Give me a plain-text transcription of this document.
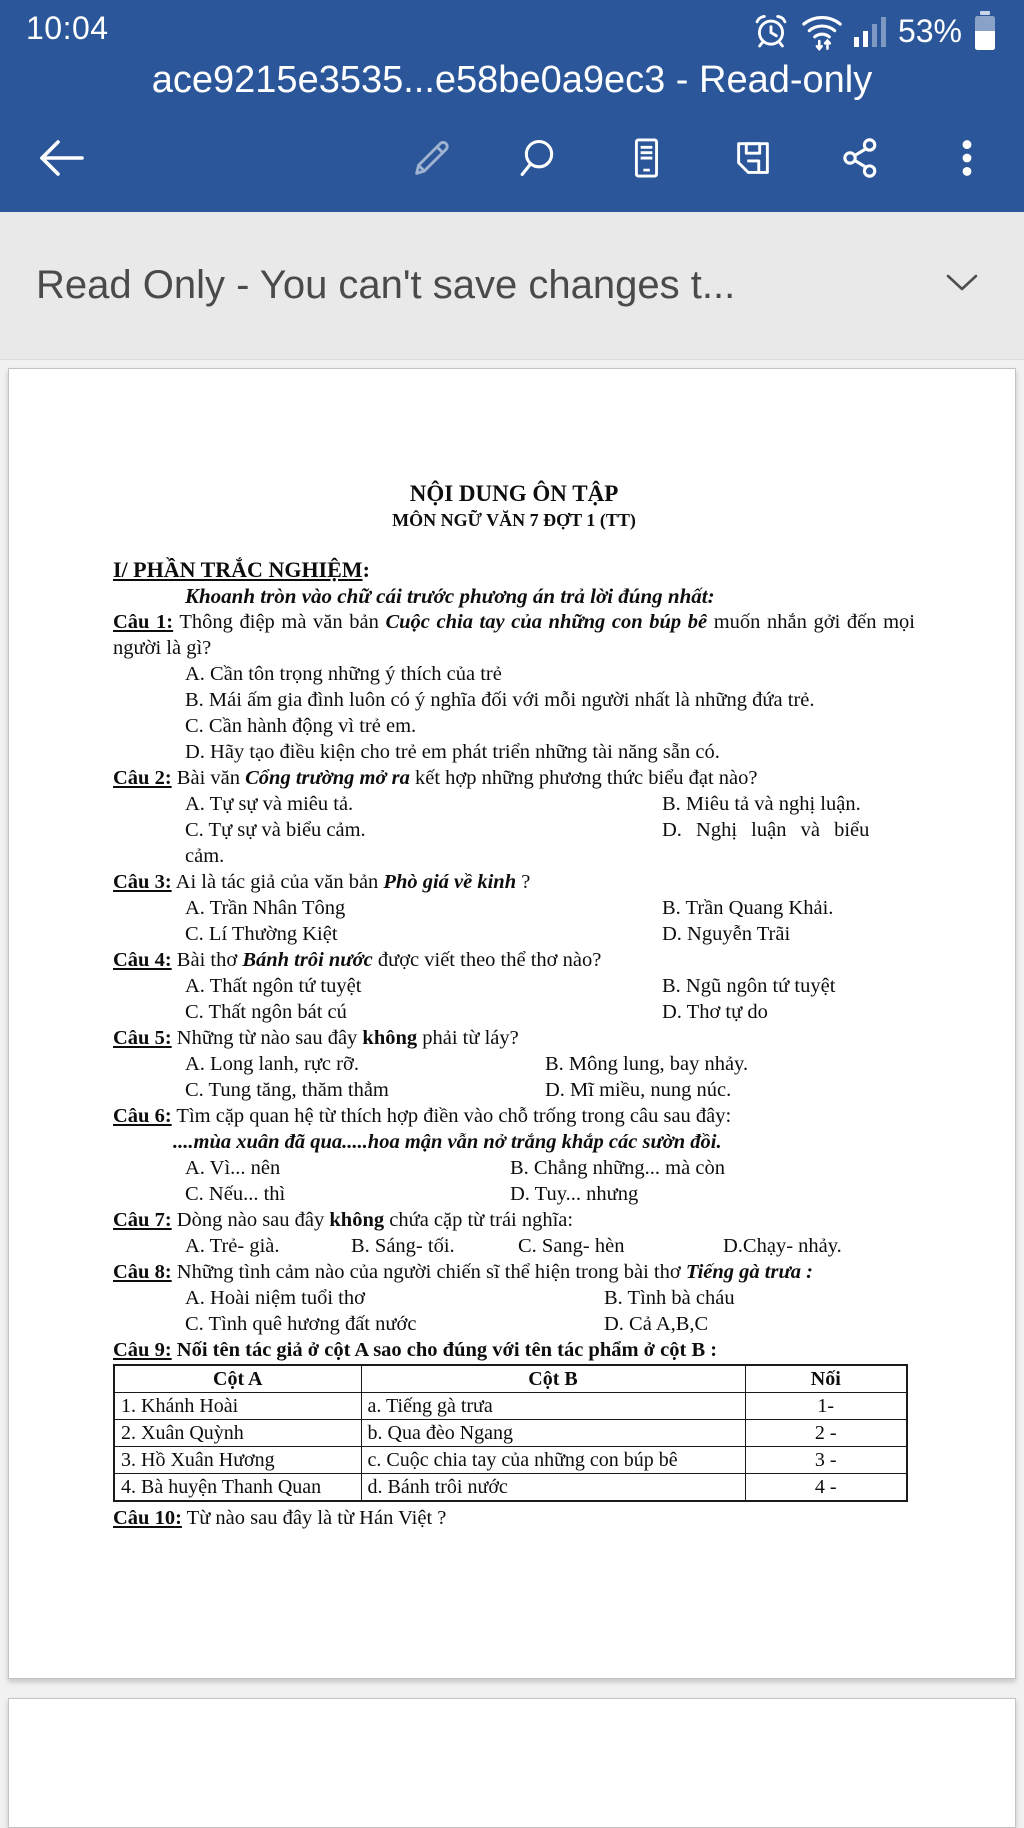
10:04	53%
ace9215e3535...e58be0a9ec3 - Read-only
Read Only - You can't save changes t...
NỘI DUNG ÔN TẬP
MÔN NGỮ VĂN 7 ĐỢT 1 (TT)

I/ PHẦN TRẮC NGHIỆM:

Khoanh tròn vào chữ cái trước phương án trả lời đúng nhất:

Câu 1: Thông điệp mà văn bản Cuộc chia tay của những con búp bê muốn nhắn gởi đến mọi người là gì?

A. Cần tôn trọng những ý thích của trẻ

B. Mái ấm gia đình luôn có ý nghĩa đối với mỗi người nhất là những đứa trẻ.

C. Cần hành động vì trẻ em.

D. Hãy tạo điều kiện cho trẻ em phát triển những tài năng sẵn có.

Câu 2: Bài văn Cổng trường mở ra kết hợp những phương thức biểu đạt nào?

A. Tự sự và miêu tả.	B. Miêu tả và nghị luận.
C. Tự sự và biểu cảm.	D. Nghị luận và biểu

cảm.

Câu 3: Ai là tác giả của văn bản Phò giá về kinh ?

A. Trần Nhân Tông	B. Trần Quang Khải.
C. Lí Thường Kiệt	D. Nguyễn Trãi

Câu 4: Bài thơ Bánh trôi nước được viết theo thể thơ nào?

A. Thất ngôn tứ tuyệt	B. Ngũ ngôn tứ tuyệt
C. Thất ngôn bát cú	D. Thơ tự do

Câu 5: Những từ nào sau đây không phải từ láy?

A. Long lanh, rực rỡ.	B. Mông lung, bay nhảy.
C. Tung tăng, thăm thẳm	D. Mĩ miều, nung núc.

Câu 6: Tìm cặp quan hệ từ thích hợp điền vào chỗ trống trong câu sau đây:

....mùa xuân đã qua.....hoa mận vẫn nở trắng khắp các sườn đồi.

A. Vì... nên	B. Chẳng những... mà còn
C. Nếu... thì	D. Tuy... nhưng

Câu 7: Dòng nào sau đây không chứa cặp từ trái nghĩa:

A. Trẻ- già.	B. Sáng- tối.	C. Sang- hèn	D.Chạy- nhảy.

Câu 8: Những tình cảm nào của người chiến sĩ thể hiện trong bài thơ Tiếng gà trưa :

A. Hoài niệm tuổi thơ	B. Tình bà cháu
C. Tình quê hương đất nước	D. Cả A,B,C

Câu 9: Nối tên tác giả ở cột A sao cho đúng với tên tác phẩm ở cột B :

Cột A	Cột B	Nối
1. Khánh Hoài	a. Tiếng gà trưa	1-
2. Xuân Quỳnh	b. Qua đèo Ngang	2 -
3. Hồ Xuân Hương	c. Cuộc chia tay của những con búp bê	3 -
4. Bà huyện Thanh Quan	d. Bánh trôi nước	4 -

Câu 10: Từ nào sau đây là từ Hán Việt ?
